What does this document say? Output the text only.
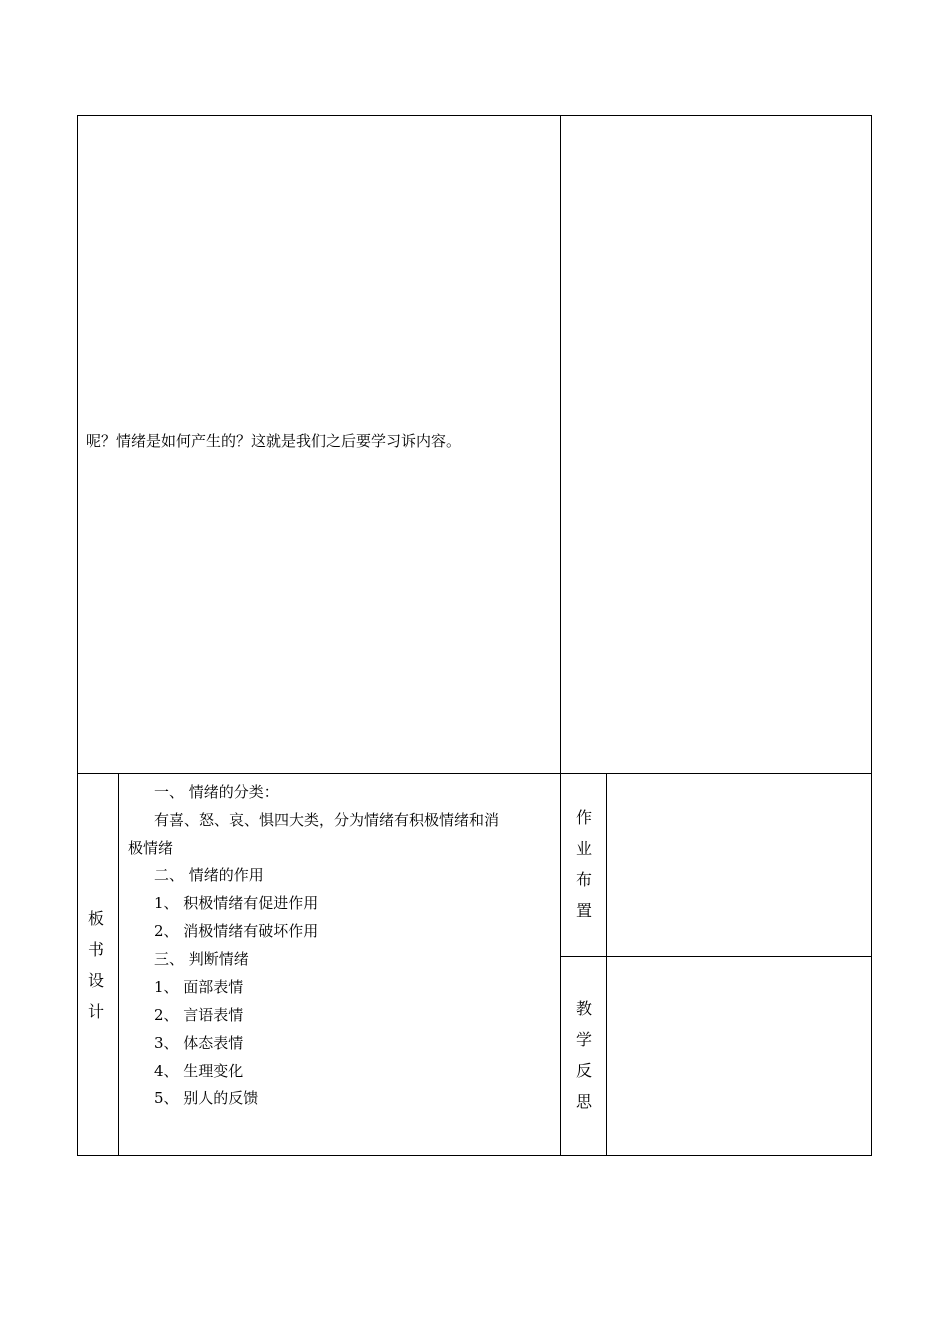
呢？情绪是如何产生的？这就是我们之后要学习诉内容。
板
书
设
计
一、 情绪的分类：
有喜、怒、哀、惧四大类，分为情绪有积极情绪和消
极情绪
二、 情绪的作用
1、 积极情绪有促进作用
2、 消极情绪有破坏作用
三、 判断情绪
1、 面部表情
2、 言语表情
3、 体态表情
4、 生理变化
5、 别人的反馈
作
业
布
置
教
学
反
思
